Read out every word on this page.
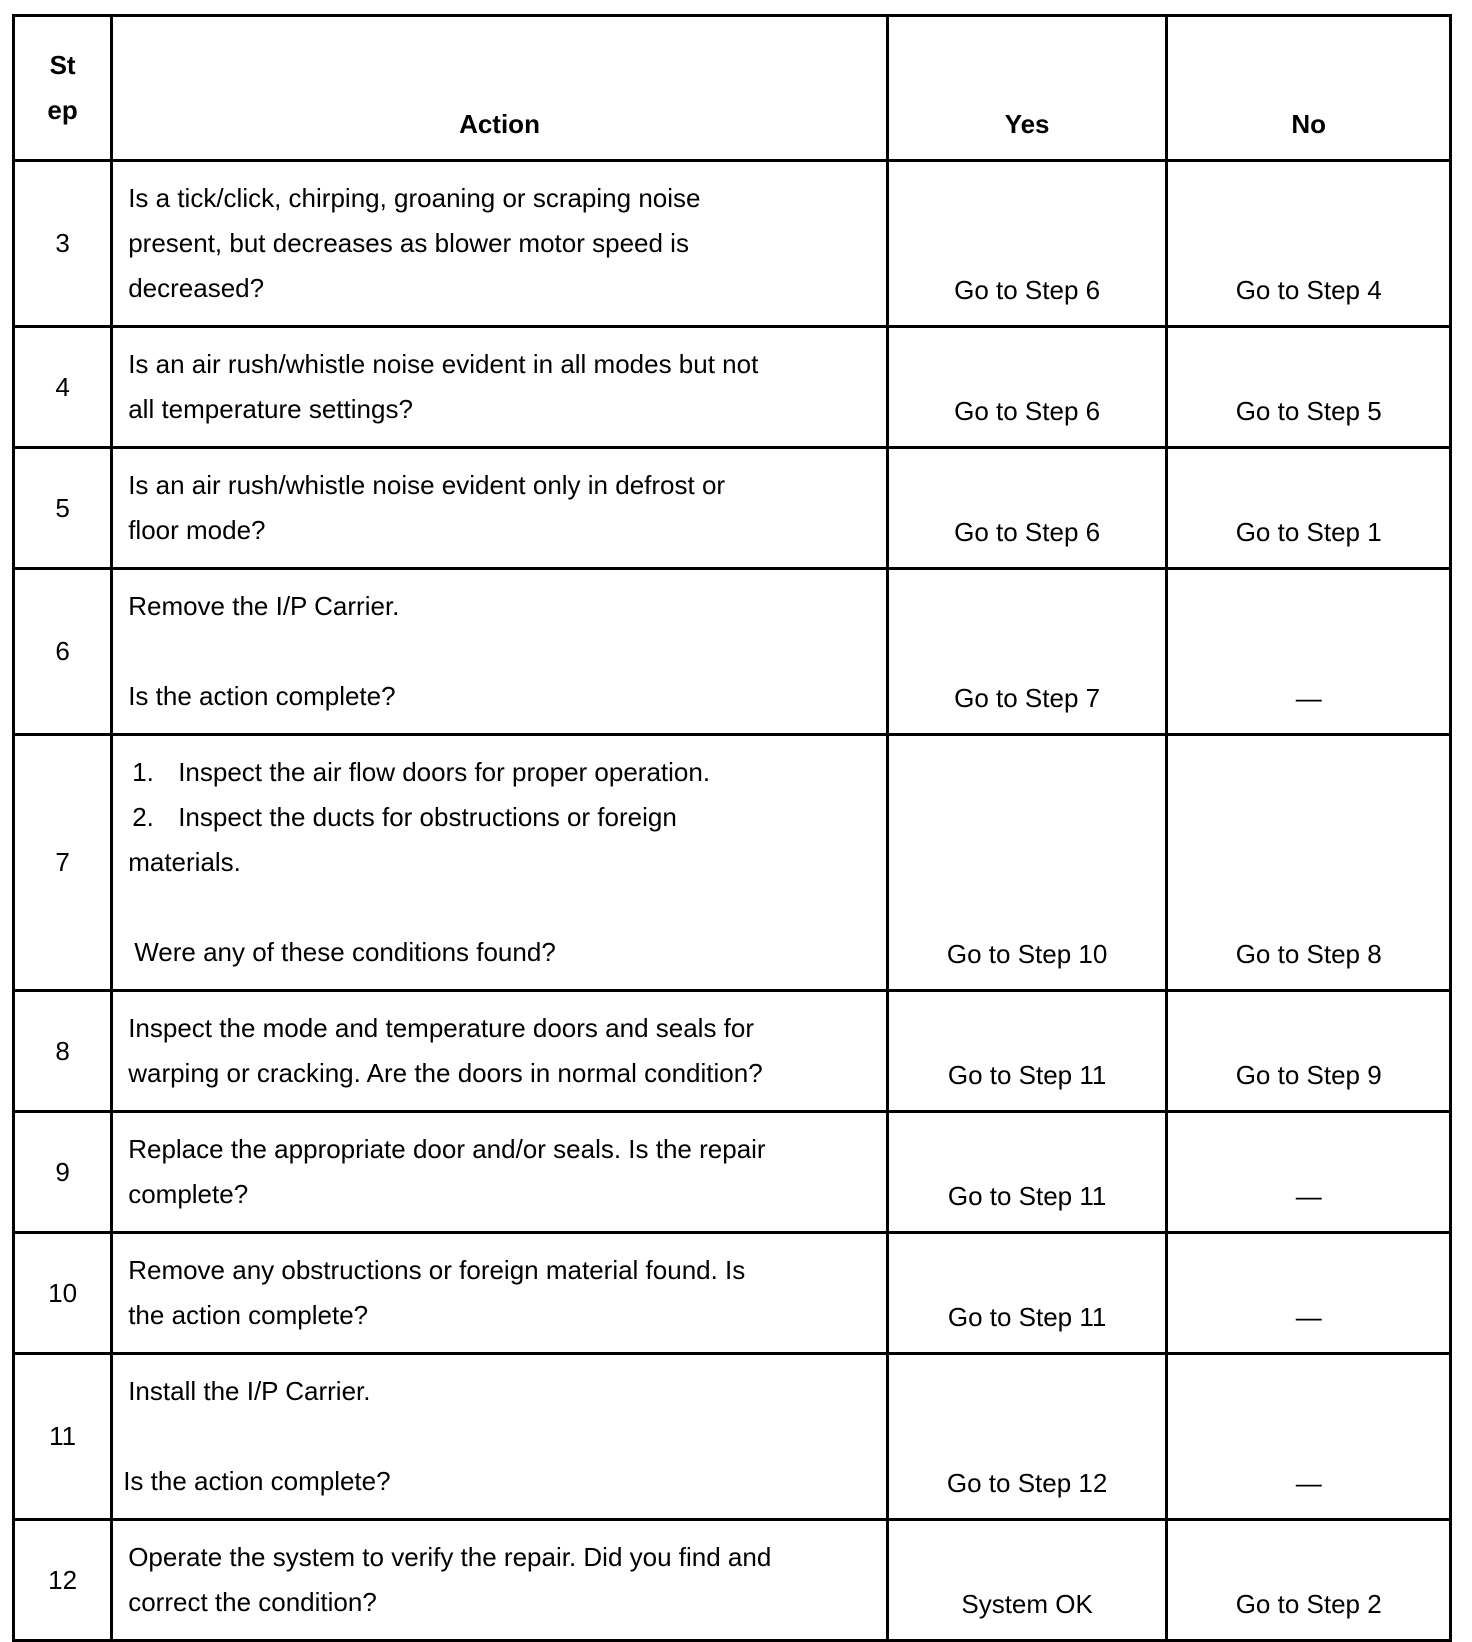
St
ep	Action	Yes	No
3	Is a tick/click, chirping, groaning or scraping noise
present, but decreases as blower motor speed is
decreased?	Go to Step 6	Go to Step 4
4	Is an air rush/whistle noise evident in all modes but not
all temperature settings?	Go to Step 6	Go to Step 5
5	Is an air rush/whistle noise evident only in defrost or
floor mode?	Go to Step 6	Go to Step 1
6	Remove the I/P Carrier.
Is the action complete?	Go to Step 7	—
7	1. Inspect the air flow doors for proper operation.
2. Inspect the ducts for obstructions or foreign
materials.
Were any of these conditions found?	Go to Step 10	Go to Step 8
8	Inspect the mode and temperature doors and seals for
warping or cracking. Are the doors in normal condition?	Go to Step 11	Go to Step 9
9	Replace the appropriate door and/or seals. Is the repair
complete?	Go to Step 11	—
10	Remove any obstructions or foreign material found. Is
the action complete?	Go to Step 11	—
11	Install the I/P Carrier.
Is the action complete?	Go to Step 12	—
12	Operate the system to verify the repair. Did you find and
correct the condition?	System OK	Go to Step 2
